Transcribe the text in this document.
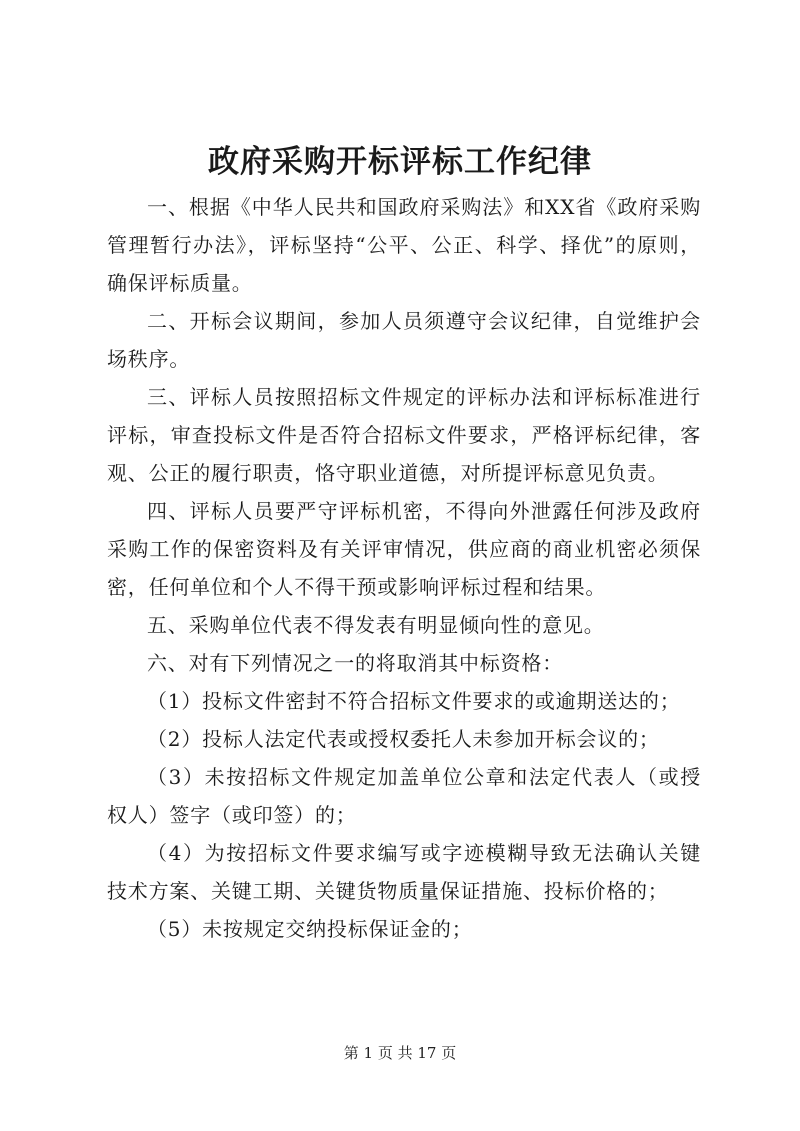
政府采购开标评标工作纪律

一、根据《中华人民共和国政府采购法》和XX省《政府采购管理暂行办法》，评标坚持“公平、公正、科学、择优”的原则，确保评标质量。

二、开标会议期间，参加人员须遵守会议纪律，自觉维护会场秩序。

三、评标人员按照招标文件规定的评标办法和评标标准进行评标，审查投标文件是否符合招标文件要求，严格评标纪律，客观、公正的履行职责，恪守职业道德，对所提评标意见负责。

四、评标人员要严守评标机密，不得向外泄露任何涉及政府采购工作的保密资料及有关评审情况，供应商的商业机密必须保密，任何单位和个人不得干预或影响评标过程和结果。

五、采购单位代表不得发表有明显倾向性的意见。

六、对有下列情况之一的将取消其中标资格：

（1）投标文件密封不符合招标文件要求的或逾期送达的；

（2）投标人法定代表或授权委托人未参加开标会议的；

（3）未按招标文件规定加盖单位公章和法定代表人（或授权人）签字（或印签）的；

（4）为按招标文件要求编写或字迹模糊导致无法确认关键技术方案、关键工期、关键货物质量保证措施、投标价格的；

（5）未按规定交纳投标保证金的；

第 1 页 共 17 页
